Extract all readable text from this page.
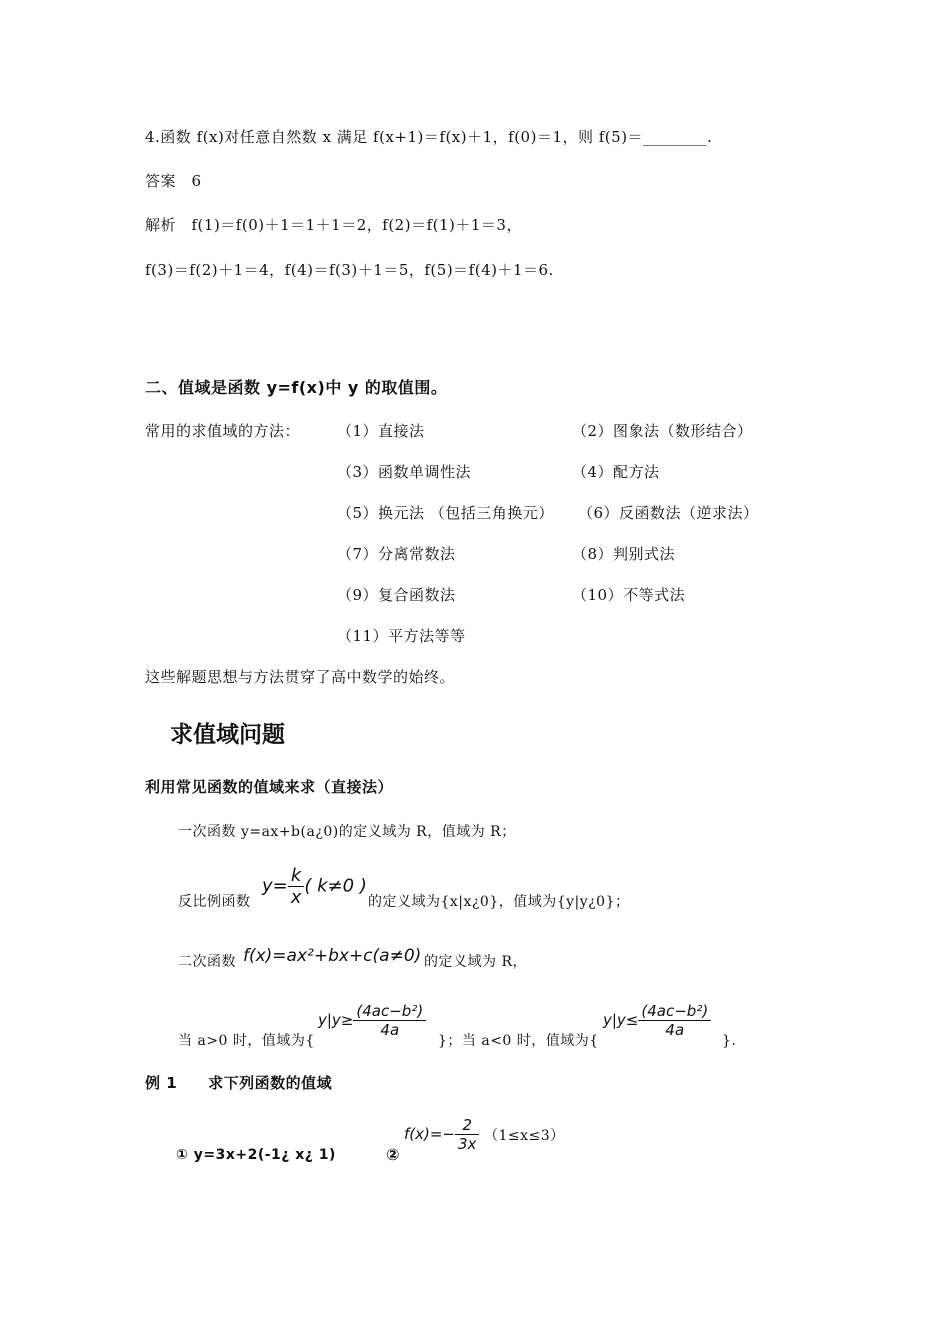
4.函数 f(x)对任意自然数 x 满足 f(x+1)＝f(x)＋1，f(0)＝1，则 f(5)＝________.
答案　6
解析　f(1)＝f(0)＋1＝1＋1＝2，f(2)＝f(1)＋1＝3，
f(3)＝f(2)＋1＝4，f(4)＝f(3)＋1＝5，f(5)＝f(4)＋1＝6.
二、值域是函数 y=f(x)中 y 的取值围。
常用的求值域的方法： （1）直接法	（2）图象法（数形结合）
（3）函数单调性法	（4）配方法
（5）换元法 （包括三角换元） （6）反函数法（逆求法）
（7）分离常数法	（8）判别式法
（9）复合函数法	（10）不等式法
（11）平方法等等
这些解题思想与方法贯穿了高中数学的始终。
求值域问题
利用常见函数的值域来求（直接法）
一次函数 y=ax+b(a¿0)的定义域为 R，值域为 R；
反比例函数
$y= \frac{k}{x}$ ( k≠0 )
的定义域为{x|x¿0}，值域为{y|y¿0}；
二次函数 f(x)=ax²+bx+c(a≠0) 的定义域为 R，
当 a>0 时，值域为{
$y|y\ge \frac{\text{(4ac−b²)}}{4a}$
}；当 a<0 时，值域为{
$y|y\le \frac{\text{(4ac−b²)}}{4a}$
}.
例 1　　求下列函数的值域
① y=3x+2(-1¿ x¿ 1)	②
$f(x)=- \frac{2}{3x} (1\le x\le 3)$
